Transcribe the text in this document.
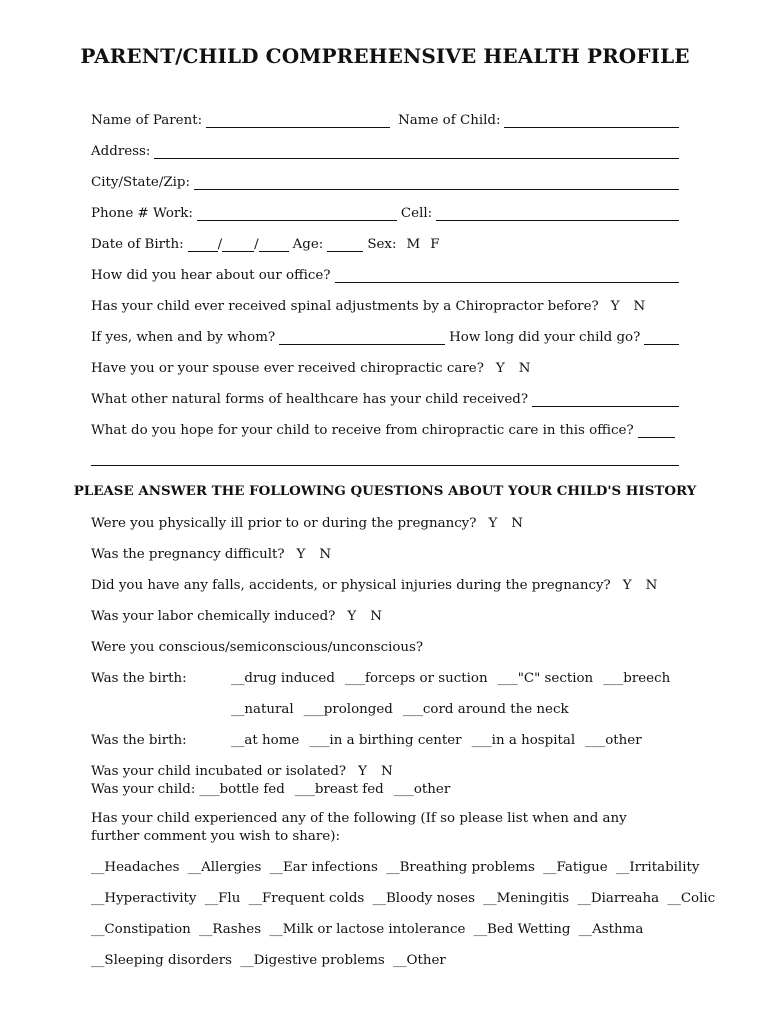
PARENT/CHILD COMPREHENSIVE HEALTH PROFILE
Name of Parent:	Name of Child:
Address:
City/State/Zip:
Phone # Work:	Cell:
Date of Birth:	/ /	Age:	Sex: M F
How did you hear about our office?
Has your child ever received spinal adjustments by a Chiropractor before? Y N
If yes, when and by whom?	How long did your child go?
Have you or your spouse ever received chiropractic care? Y N
What other natural forms of healthcare has your child received?
What do you hope for your child to receive from chiropractic care in this office?
PLEASE ANSWER THE FOLLOWING QUESTIONS ABOUT YOUR CHILD'S HISTORY
Were you physically ill prior to or during the pregnancy? Y N
Was the pregnancy difficult? Y N
Did you have any falls, accidents, or physical injuries during the pregnancy? Y N
Was your labor chemically induced? Y N
Were you conscious/semiconscious/unconscious?
Was the birth:	__drug induced ___forceps or suction ___"C" section ___breech
__natural ___prolonged ___cord around the neck
Was the birth:	__at home ___in a birthing center ___in a hospital ___other
Was your child incubated or isolated? Y N
Was your child: ___bottle fed ___breast fed ___other
Has your child experienced any of the following (If so please list when and any further comment you wish to share):
__Headaches __Allergies __Ear infections __Breathing problems __Fatigue __Irritability
__Hyperactivity __Flu __Frequent colds __Bloody noses __Meningitis __Diarreaha __Colic
__Constipation __Rashes __Milk or lactose intolerance __Bed Wetting __Asthma
__Sleeping disorders __Digestive problems __Other
